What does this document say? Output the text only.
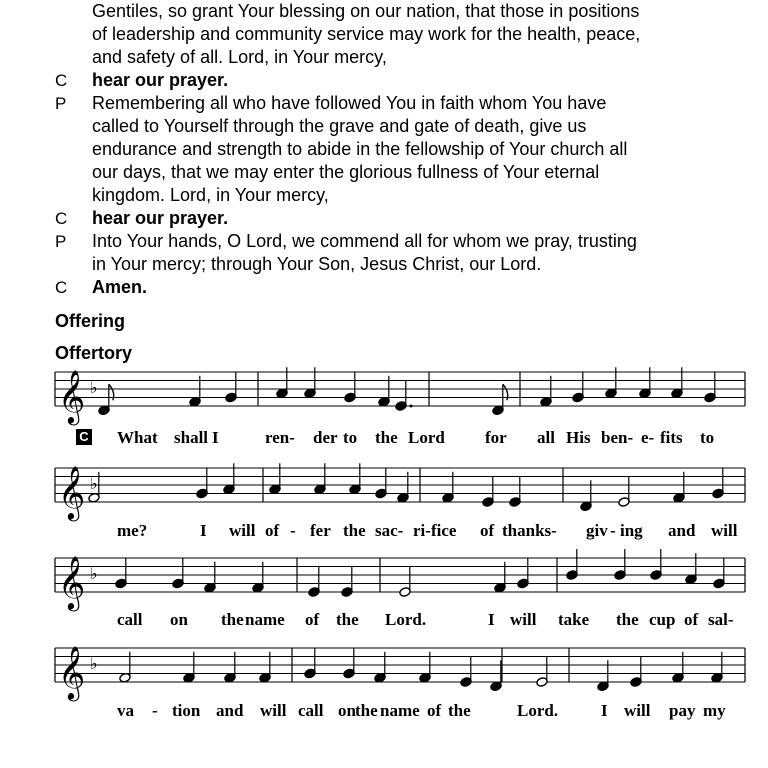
Gentiles, so grant Your blessing on our nation, that those in positions
of leadership and community service may work for the health, peace,
and safety of all. Lord, in Your mercy,
C hear our prayer.
P Remembering all who have followed You in faith whom You have
called to Yourself through the grave and gate of death, give us
endurance and strength to abide in the fellowship of Your church all
our days, that we may enter the glorious fullness of Your eternal
kingdom. Lord, in Your mercy,
C hear our prayer.
P Into Your hands, O Lord, we commend all for whom we pray, trusting
in Your mercy; through Your Son, Jesus Christ, our Lord.
C Amen.
Offering
Offertory
𝄞 ♭
𝄞 ♭
𝄞 ♭
𝄞 ♭
C What shall I	ren- der to the Lord for all His ben- e- fits to
me?	I will of - fer the sac- ri- fice of thanks- giv - ing and will
call on the name of the Lord.	I will take the cup of sal-
va - tion and will call on the name of the	Lord.	I will pay my
